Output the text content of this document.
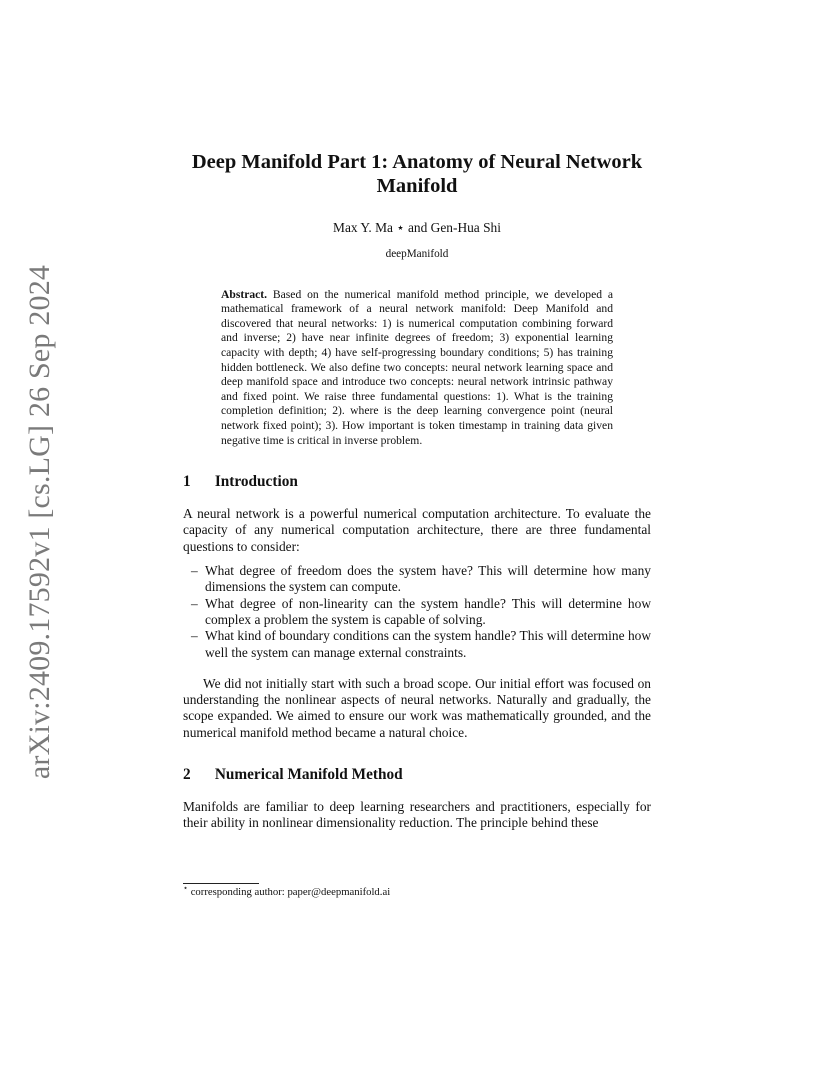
arXiv:2409.17592v1 [cs.LG] 26 Sep 2024
Deep Manifold Part 1: Anatomy of Neural Network Manifold
Max Y. Ma ⋆ and Gen-Hua Shi
deepManifold
Abstract. Based on the numerical manifold method principle, we developed a mathematical framework of a neural network manifold: Deep Manifold and discovered that neural networks: 1) is numerical computation combining forward and inverse; 2) have near infinite degrees of freedom; 3) exponential learning capacity with depth; 4) have self-progressing boundary conditions; 5) has training hidden bottleneck. We also define two concepts: neural network learning space and deep manifold space and introduce two concepts: neural network intrinsic pathway and fixed point. We raise three fundamental questions: 1). What is the training completion definition; 2). where is the deep learning convergence point (neural network fixed point); 3). How important is token timestamp in training data given negative time is critical in inverse problem.
1 Introduction
A neural network is a powerful numerical computation architecture. To evaluate the capacity of any numerical computation architecture, there are three fundamental questions to consider:
– What degree of freedom does the system have? This will determine how many dimensions the system can compute.
– What degree of non-linearity can the system handle? This will determine how complex a problem the system is capable of solving.
– What kind of boundary conditions can the system handle? This will determine how well the system can manage external constraints.
We did not initially start with such a broad scope. Our initial effort was focused on understanding the nonlinear aspects of neural networks. Naturally and gradually, the scope expanded. We aimed to ensure our work was mathematically grounded, and the numerical manifold method became a natural choice.
2 Numerical Manifold Method
Manifolds are familiar to deep learning researchers and practitioners, especially for their ability in nonlinear dimensionality reduction. The principle behind these
⋆ corresponding author: paper@deepmanifold.ai
